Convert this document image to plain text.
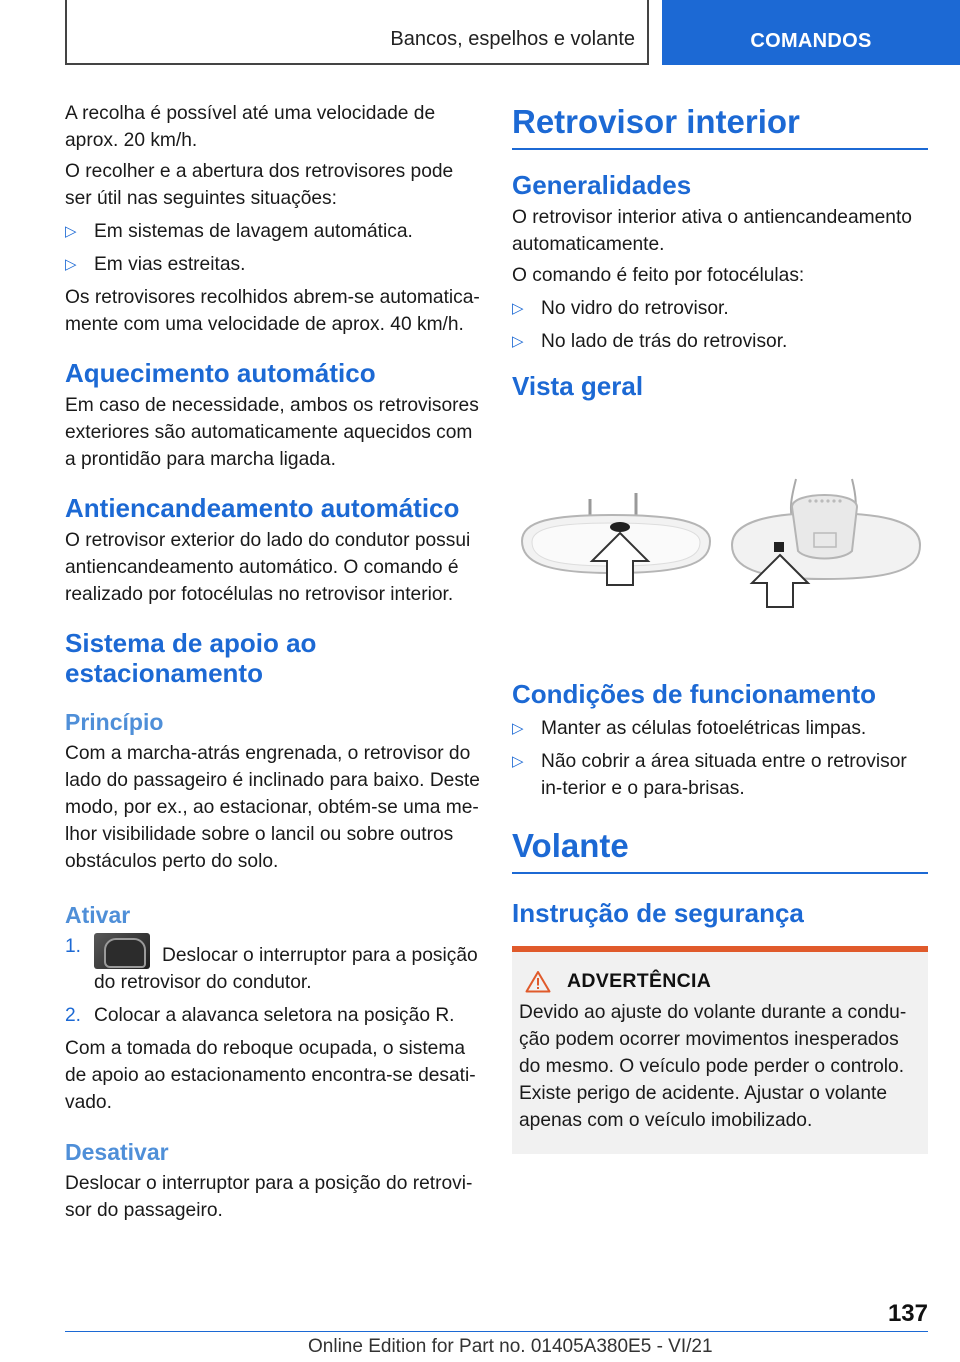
Bancos, espelhos e volante	COMANDOS

A recolha é possível até uma velocidade de aprox. 20 km/h.

O recolher e a abertura dos retrovisores pode ser útil nas seguintes situações:

▷ Em sistemas de lavagem automática.
▷ Em vias estreitas.

Os retrovisores recolhidos abrem-se automatica-mente com uma velocidade de aprox. 40 km/h.

Aquecimento automático

Em caso de necessidade, ambos os retrovisores exteriores são automaticamente aquecidos com a prontidão para marcha ligada.

Antiencandeamento automático

O retrovisor exterior do lado do condutor possui antiencandeamento automático. O comando é realizado por fotocélulas no retrovisor interior.

Sistema de apoio ao estacionamento
Princípio

Com a marcha-atrás engrenada, o retrovisor do lado do passageiro é inclinado para baixo. Deste modo, por ex., ao estacionar, obtém-se uma me-lhor visibilidade sobre o lancil ou sobre outros obstáculos perto do solo.

Ativar
1.	Deslocar o interruptor para a posição do retrovisor do condutor.
2. Colocar a alavanca seletora na posição R.

Com a tomada do reboque ocupada, o sistema de apoio ao estacionamento encontra-se desati-vado.

Desativar

Deslocar o interruptor para a posição do retrovi-sor do passageiro.

Retrovisor interior
Generalidades

O retrovisor interior ativa o antiencandeamento automaticamente.

O comando é feito por fotocélulas:

▷ No vidro do retrovisor.
▷ No lado de trás do retrovisor.
Vista geral
Condições de funcionamento
▷ Manter as células fotoelétricas limpas.
▷ Não cobrir a área situada entre o retrovisor in-terior e o para-brisas.
Volante
Instrução de segurança
ADVERTÊNCIA

Devido ao ajuste do volante durante a condu-ção podem ocorrer movimentos inesperados do mesmo. O veículo pode perder o controlo. Existe perigo de acidente. Ajustar o volante apenas com o veículo imobilizado.

137
Online Edition for Part no. 01405A380E5 - VI/21
